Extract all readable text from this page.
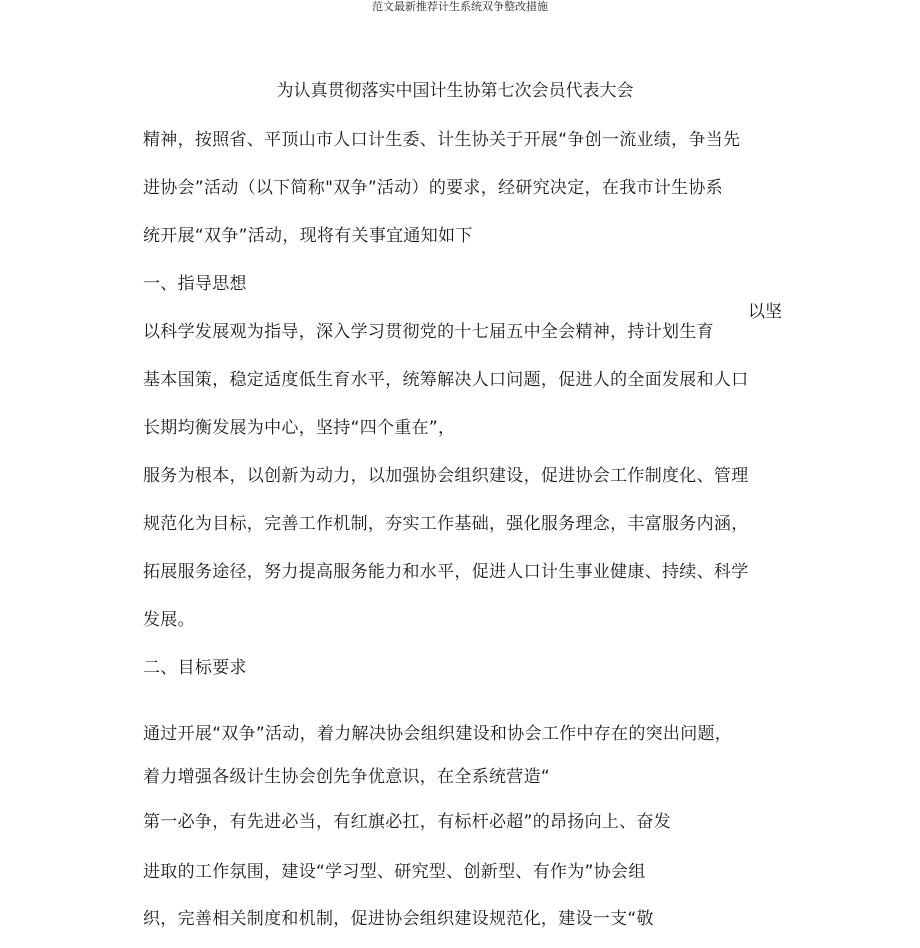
范文最新推荐计生系统双争整改措施
为认真贯彻落实中国计生协第七次会员代表大会
精神，按照省、平顶山市人口计生委、计生协关于开展“争创一流业绩，争当先
进协会”活动（以下简称"双争”活动）的要求，经研究决定，在我市计生协系
统开展“双争”活动，现将有关事宜通知如下
一、指导思想
以坚
以科学发展观为指导，深入学习贯彻党的十七届五中全会精神，持计划生育
基本国策，稳定适度低生育水平，统筹解决人口问题，促进人的全面发展和人口
长期均衡发展为中心，坚持“四个重在”，
服务为根本，以创新为动力，以加强协会组织建设，促进协会工作制度化、管理
规范化为目标，完善工作机制，夯实工作基础，强化服务理念，丰富服务内涵，
拓展服务途径，努力提高服务能力和水平，促进人口计生事业健康、持续、科学
发展。
二、目标要求
通过开展“双争”活动，着力解决协会组织建设和协会工作中存在的突出问题，
着力增强各级计生协会创先争优意识，在全系统营造“
第一必争，有先进必当，有红旗必扛，有标杆必超”的昂扬向上、奋发
进取的工作氛围，建设“学习型、研究型、创新型、有作为”协会组
织，完善相关制度和机制，促进协会组织建设规范化，建设一支“敬
